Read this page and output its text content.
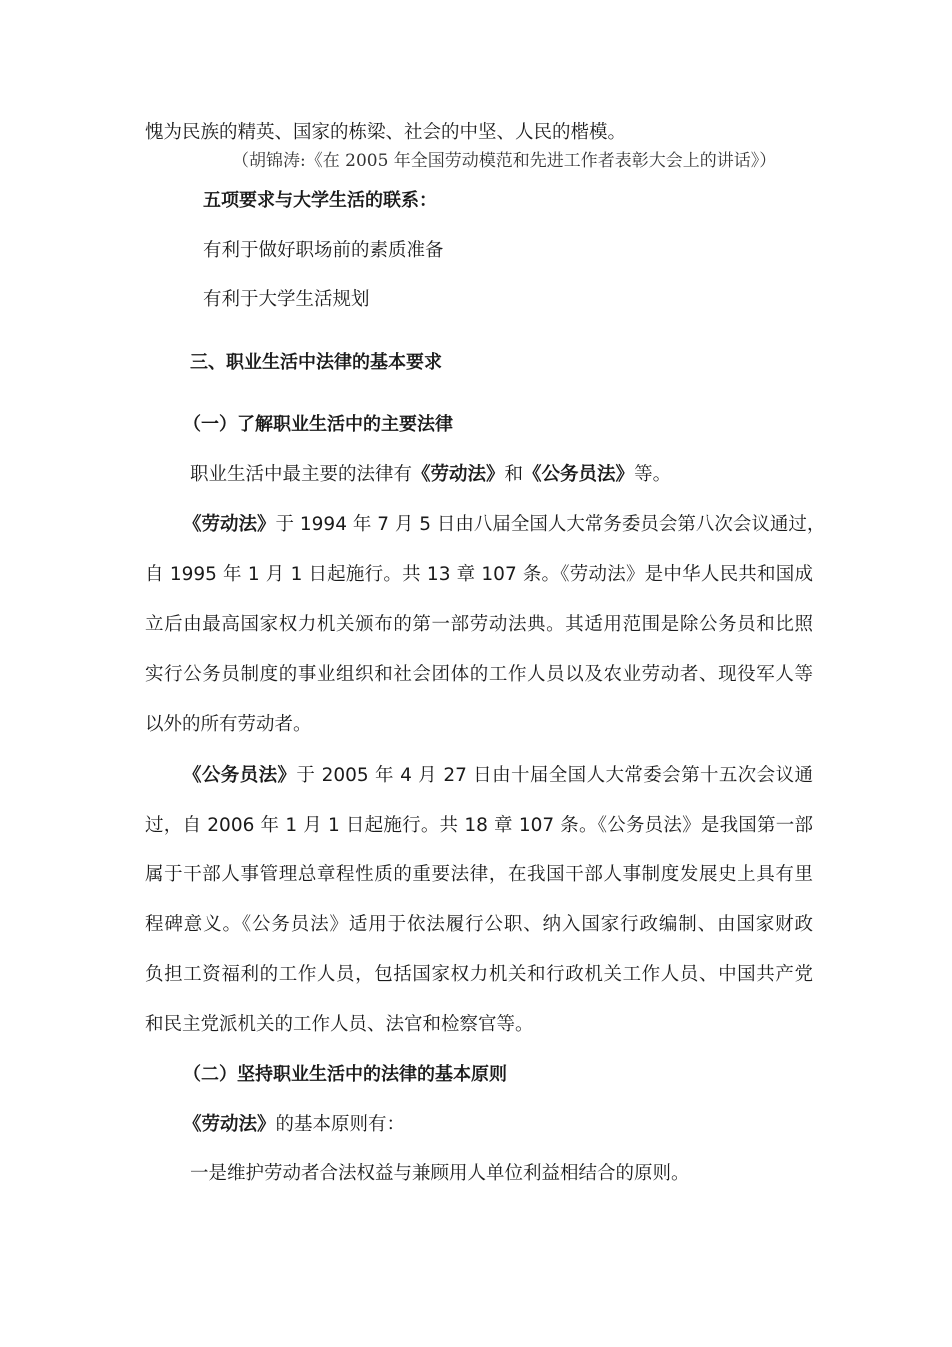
愧为民族的精英、国家的栋梁、社会的中坚、人民的楷模。
（胡锦涛:《在 2005 年全国劳动模范和先进工作者表彰大会上的讲话》）
五项要求与大学生活的联系：
有利于做好职场前的素质准备
有利于大学生活规划
三、职业生活中法律的基本要求
（一）了解职业生活中的主要法律
职业生活中最主要的法律有《劳动法》和《公务员法》等。
《劳动法》于 1994 年 7 月 5 日由八届全国人大常务委员会第八次会议通过，
自 1995 年 1 月 1 日起施行。共 13 章 107 条。《劳动法》是中华人民共和国成
立后由最高国家权力机关颁布的第一部劳动法典。其适用范围是除公务员和比照
实行公务员制度的事业组织和社会团体的工作人员以及农业劳动者、现役军人等
以外的所有劳动者。
《公务员法》于 2005 年 4 月 27 日由十届全国人大常委会第十五次会议通
过，自 2006 年 1 月 1 日起施行。共 18 章 107 条。《公务员法》是我国第一部
属于干部人事管理总章程性质的重要法律，在我国干部人事制度发展史上具有里
程碑意义。《公务员法》适用于依法履行公职、纳入国家行政编制、由国家财政
负担工资福利的工作人员，包括国家权力机关和行政机关工作人员、中国共产党
和民主党派机关的工作人员、法官和检察官等。
（二）坚持职业生活中的法律的基本原则
《劳动法》的基本原则有：
一是维护劳动者合法权益与兼顾用人单位利益相结合的原则。
